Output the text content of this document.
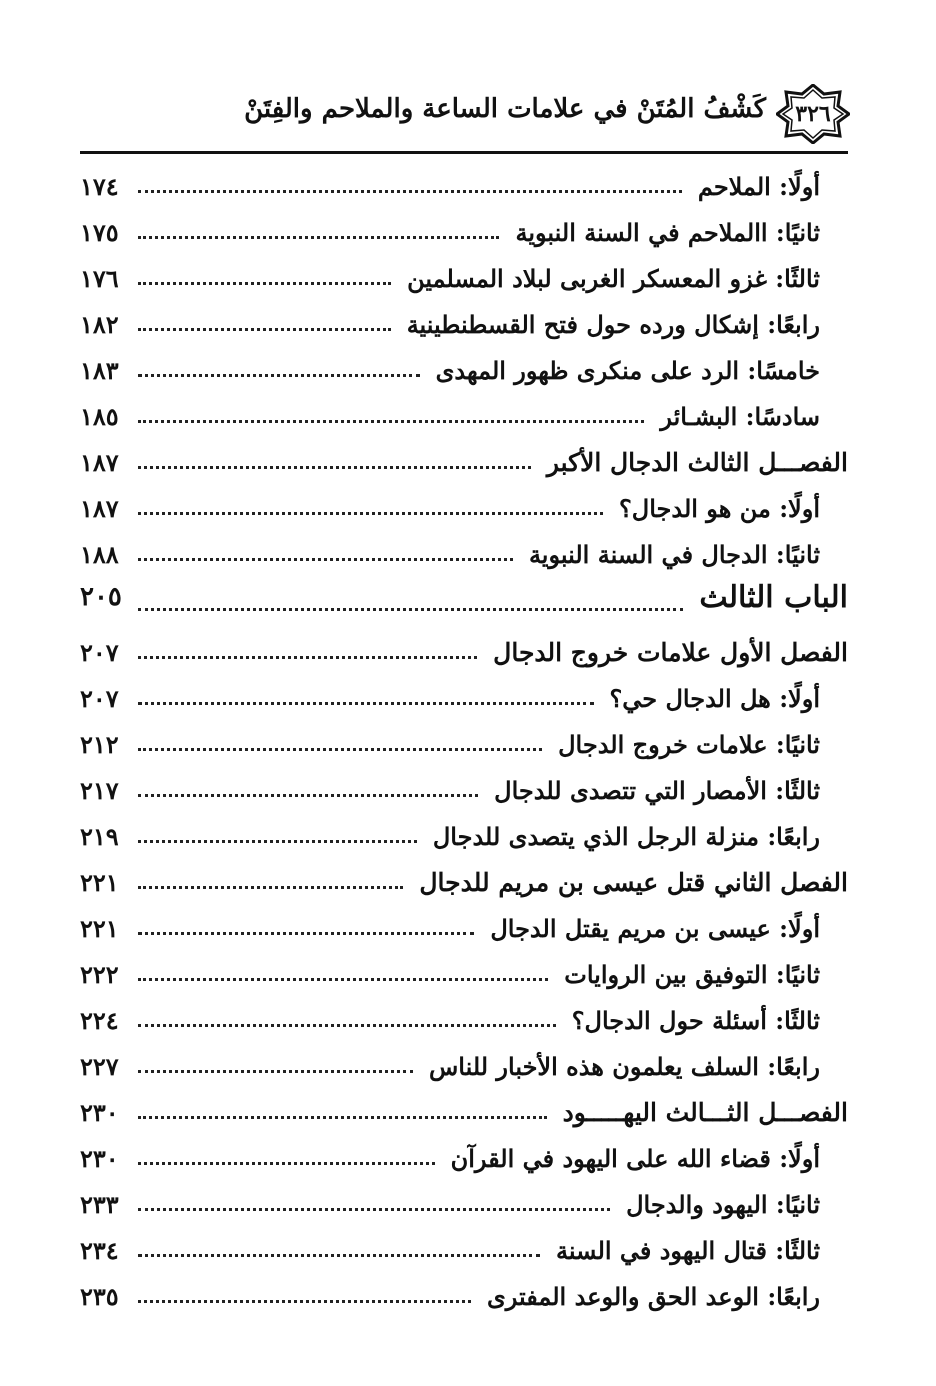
٣٢٦
كَشْفُ المُتَنْ في علامات الساعة والملاحم والفِتَنْ
١٧٤	أولًا: الملاحم
١٧٥	ثانيًا: االملاحم في السنة النبوية
١٧٦	ثالثًا: غزو المعسكر الغربى لبلاد المسلمين
١٨٢	رابعًا: إشكال ورده حول فتح القسطنطينية
١٨٣	خامسًا: الرد على منكرى ظهور المهدى
١٨٥	سادسًا: البشـائر
١٨٧	الفصـــل الثالث الدجال الأكبر
١٨٧	أولًا: من هو الدجال؟
١٨٨	ثانيًا: الدجال في السنة النبوية
٢٠٥	الباب الثالث
٢٠٧	الفصل الأول علامات خروج الدجال
٢٠٧	أولًا: هل الدجال حي؟
٢١٢	ثانيًا: علامات خروج الدجال
٢١٧	ثالثًا: الأمصار التي تتصدى للدجال
٢١٩	رابعًا: منزلة الرجل الذي يتصدى للدجال
٢٢١	الفصل الثاني قتل عيسى بن مريم للدجال
٢٢١	أولًا: عيسى بن مريم يقتل الدجال
٢٢٢	ثانيًا: التوفيق بين الروايات
٢٢٤	ثالثًا: أسئلة حول الدجال؟
٢٢٧	رابعًا: السلف يعلمون هذه الأخبار للناس
٢٣٠	الفصـــل الثـــالث اليهـــــود
٢٣٠	أولًا: قضاء الله على اليهود في القرآن
٢٣٣	ثانيًا: اليهود والدجال
٢٣٤	ثالثًا: قتال اليهود في السنة
٢٣٥	رابعًا: الوعد الحق والوعد المفترى
